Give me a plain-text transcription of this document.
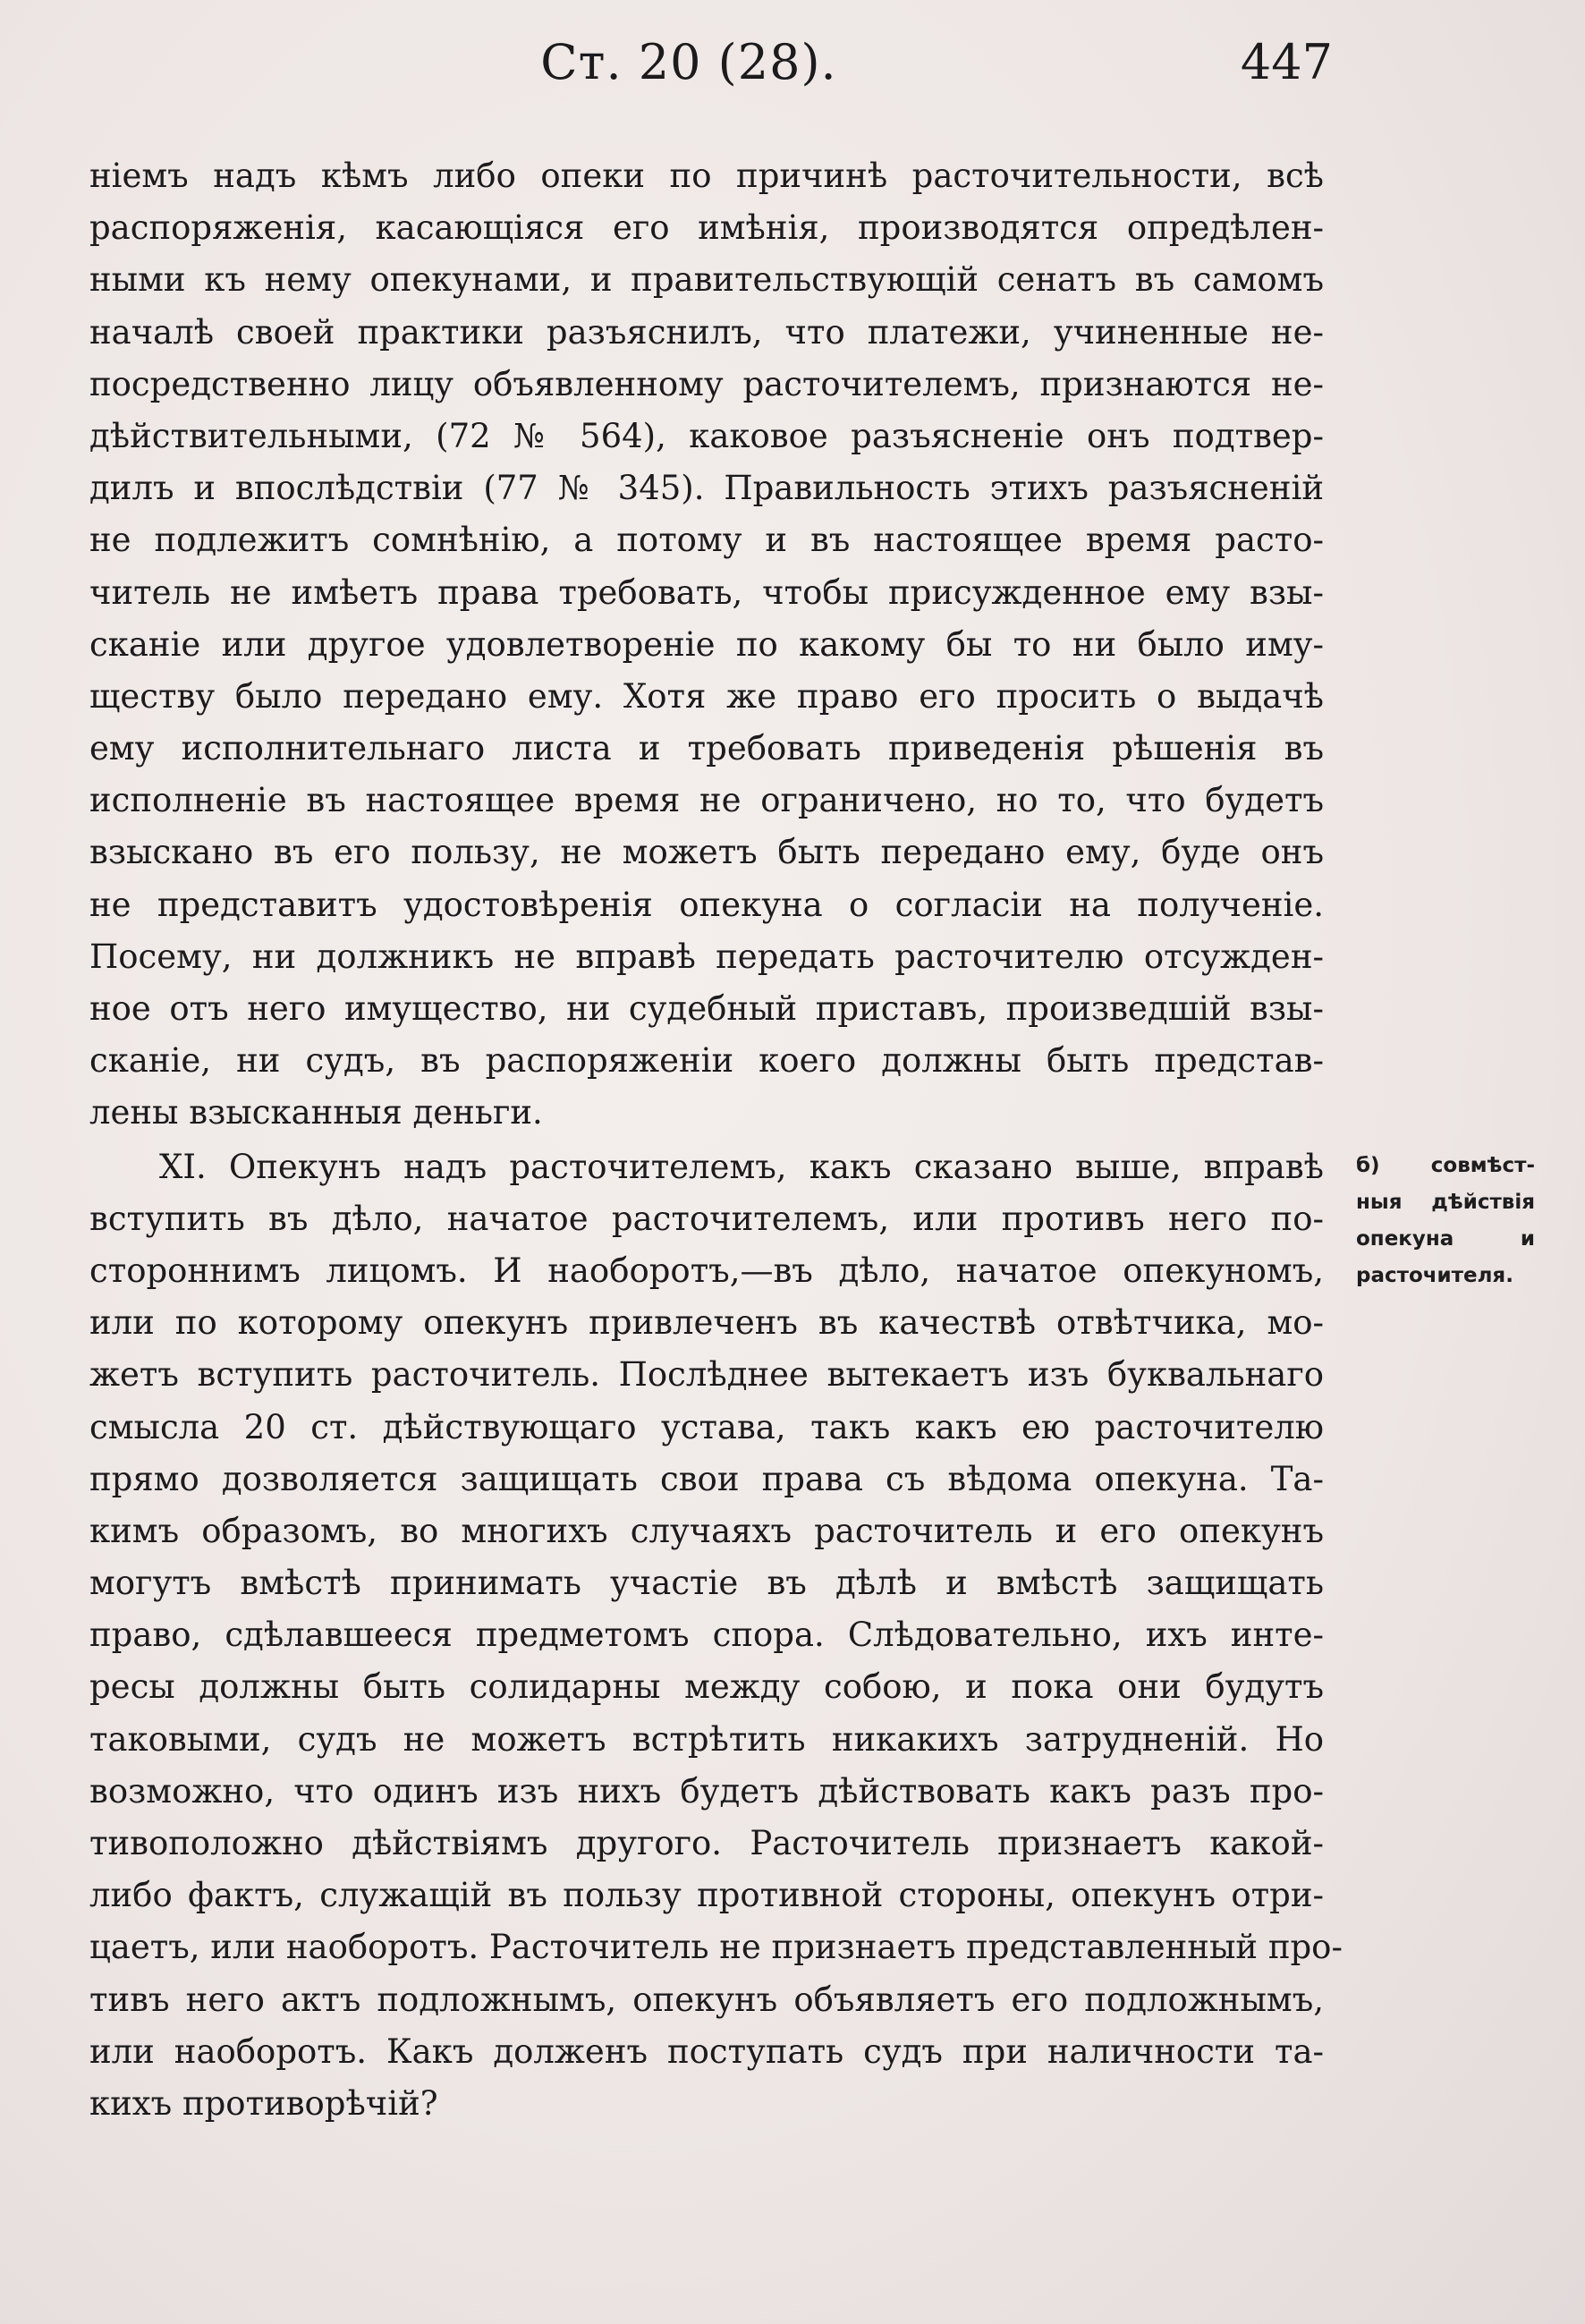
Ст. 20 (28).	447
ніемъ надъ кѣмъ либо опеки по причинѣ расточительности, всѣ
распоряженія, касающіяся его имѣнія, производятся опредѣлен-
ными къ нему опекунами, и правительствующій сенатъ въ самомъ
началѣ своей практики разъяснилъ, что платежи, учиненные не-
посредственно лицу объявленному расточителемъ, признаются не-
дѣйствительными, (72 № 564), каковое разъясненіе онъ подтвер-
дилъ и впослѣдствіи (77 № 345). Правильность этихъ разъясненій
не подлежитъ сомнѣнію, а потому и въ настоящее время расто-
читель не имѣетъ права требовать, чтобы присужденное ему взы-
сканіе или другое удовлетвореніе по какому бы то ни было иму-
ществу было передано ему. Хотя же право его просить о выдачѣ
ему исполнительнаго листа и требовать приведенія рѣшенія въ
исполненіе въ настоящее время не ограничено, но то, что будетъ
взыскано въ его пользу, не можетъ быть передано ему, буде онъ
не представитъ удостовѣренія опекуна о согласіи на полученіе.
Посему, ни должникъ не вправѣ передать расточителю отсужден-
ное отъ него имущество, ни судебный приставъ, произведшій взы-
сканіе, ни судъ, въ распоряженіи коего должны быть представ-
лены взысканныя деньги.
XI. Опекунъ надъ расточителемъ, какъ сказано выше, вправѣ
вступить въ дѣло, начатое расточителемъ, или противъ него по-
стороннимъ лицомъ. И наоборотъ,—въ дѣло, начатое опекуномъ,
или по которому опекунъ привлеченъ въ качествѣ отвѣтчика, мо-
жетъ вступить расточитель. Послѣднее вытекаетъ изъ буквальнаго
смысла 20 ст. дѣйствующаго устава, такъ какъ ею расточителю
прямо дозволяется защищать свои права съ вѣдома опекуна. Та-
кимъ образомъ, во многихъ случаяхъ расточитель и его опекунъ
могутъ вмѣстѣ принимать участіе въ дѣлѣ и вмѣстѣ защищать
право, сдѣлавшееся предметомъ спора. Слѣдовательно, ихъ инте-
ресы должны быть солидарны между собою, и пока они будутъ
таковыми, судъ не можетъ встрѣтить никакихъ затрудненій. Но
возможно, что одинъ изъ нихъ будетъ дѣйствовать какъ разъ про-
тивоположно дѣйствіямъ другого. Расточитель признаетъ какой-
либо фактъ, служащій въ пользу противной стороны, опекунъ отри-
цаетъ, или наоборотъ. Расточитель не признаетъ представленный про-
тивъ него актъ подложнымъ, опекунъ объявляетъ его подложнымъ,
или наоборотъ. Какъ долженъ поступать судъ при наличности та-
кихъ противорѣчій?
б) совмѣст-
ныя дѣйствія
опекуна и
расточителя.
